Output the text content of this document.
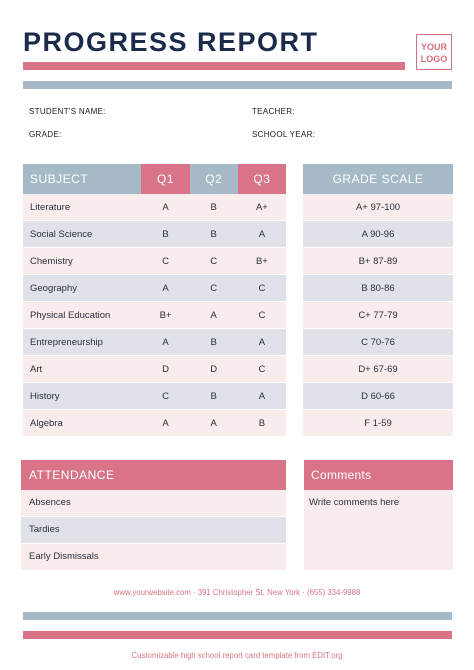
PROGRESS REPORT	YOUR
LOGO
STUDENT'S NAME:	TEACHER:
GRADE:	SCHOOL YEAR:
SUBJECT	Q1	Q2	Q3
Literature	A	B	A+
Social Science	B	B	A
Chemistry	C	C	B+
Geography	A	C	C
Physical Education	B+	A	C
Entrepreneurship	A	B	A
Art	D	D	C
History	C	B	A
Algebra	A	A	B
GRADE SCALE
A+ 97-100
A 90-96
B+ 87-89
B 80-86
C+ 77-79
C 70-76
D+ 67-69
D 60-66
F 1-59
ATTENDANCE
Absences
Tardies
Early Dismissals
Comments
Write comments here
www.yourwebsite.com · 391 Christopher St, New York · (655) 334-9988
Customizable high school report card template from EDIT.org
